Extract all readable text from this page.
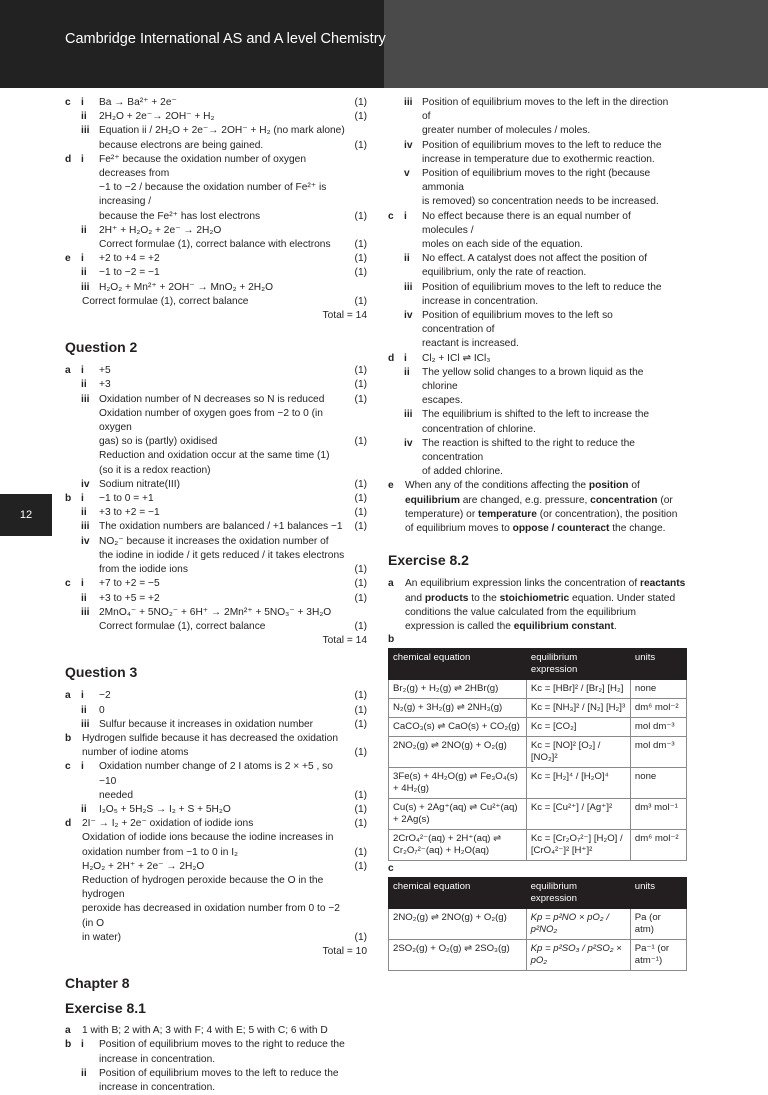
Cambridge International AS and A level Chemistry
12
c i	Ba → Ba²⁺ + 2e⁻	(1)
ii	2H₂O + 2e⁻→ 2OH⁻ + H₂	(1)
iii Equation ii / 2H₂O + 2e⁻→ 2OH⁻ + H₂ (no mark alone)
because electrons are being gained.	(1)
d i	Fe²⁺ because the oxidation number of oxygen decreases from
−1 to −2 / because the oxidation number of Fe²⁺ is increasing /
because the Fe²⁺ has lost electrons	(1)
ii	2H⁺ + H₂O₂ + 2e⁻ → 2H₂O
Correct formulae (1), correct balance with electrons	(1)
e i	+2 to +4 = +2	(1)
ii	−1 to −2 = −1	(1)
iii H₂O₂ + Mn²⁺ + 2OH⁻ → MnO₂ + 2H₂O
Correct formulae (1), correct balance	(1)
Total = 14
Question 2
a i	+5	(1)
ii	+3	(1)
iii Oxidation number of N decreases so N is reduced	(1)
Oxidation number of oxygen goes from −2 to 0 (in oxygen
gas) so is (partly) oxidised	(1)
Reduction and oxidation occur at the same time (1)
(so it is a redox reaction)
iv Sodium nitrate(III)	(1)
b i	−1 to 0 = +1	(1)
ii	+3 to +2 = −1	(1)
iii The oxidation numbers are balanced / +1 balances −1	(1)
iv NO₂⁻ because it increases the oxidation number of
the iodine in iodide / it gets reduced / it takes electrons
from the iodide ions	(1)
c i	+7 to +2 = −5	(1)
ii	+3 to +5 = +2	(1)
iii 2MnO₄⁻ + 5NO₂⁻ + 6H⁺ → 2Mn²⁺ + 5NO₃⁻ + 3H₂O
Correct formulae (1), correct balance	(1)
Total = 14
Question 3
a i	−2	(1)
ii	0	(1)
iii Sulfur because it increases in oxidation number	(1)
b	Hydrogen sulfide because it has decreased the oxidation
number of iodine atoms	(1)
c i	Oxidation number change of 2 I atoms is 2 × +5 , so −10
needed	(1)
ii	I₂O₅ + 5H₂S → I₂ + S + 5H₂O	(1)
d	2I⁻ → I₂ + 2e⁻ oxidation of iodide ions	(1)
Oxidation of iodide ions because the iodine increases in
oxidation number from −1 to 0 in I₂	(1)
H₂O₂ + 2H⁺ + 2e⁻ → 2H₂O	(1)
Reduction of hydrogen peroxide because the O in the hydrogen
peroxide has decreased in oxidation number from 0 to −2 (in O
in water)	(1)
Total = 10
Chapter 8
Exercise 8.1
a	1 with B; 2 with A; 3 with F; 4 with E; 5 with C; 6 with D
b i	Position of equilibrium moves to the right to reduce the
increase in concentration.
ii	Position of equilibrium moves to the left to reduce the
increase in concentration.
iii Position of equilibrium moves to the left in the direction of
greater number of molecules / moles.
iv Position of equilibrium moves to the left to reduce the
increase in temperature due to exothermic reaction.
v	Position of equilibrium moves to the right (because ammonia
is removed) so concentration needs to be increased.
c i	No effect because there is an equal number of molecules /
moles on each side of the equation.
ii	No effect. A catalyst does not affect the position of
equilibrium, only the rate of reaction.
iii Position of equilibrium moves to the left to reduce the
increase in concentration.
iv Position of equilibrium moves to the left so concentration of
reactant is increased.
d i	Cl₂ + ICl ⇌ ICl₃
ii	The yellow solid changes to a brown liquid as the chlorine
escapes.
iii The equilibrium is shifted to the left to increase the
concentration of chlorine.
iv The reaction is shifted to the right to reduce the concentration
of added chlorine.
e	When any of the conditions affecting the position of equilibrium are changed, e.g. pressure, concentration (or temperature) or temperature (or concentration), the position of equilibrium moves to oppose / counteract the change.
Exercise 8.2
a	An equilibrium expression links the concentration of reactants and products to the stoichiometric equation. Under stated conditions the value calculated from the equilibrium expression is called the equilibrium constant.
b
chemical equation	equilibrium expression	units
Br₂(g) + H₂(g) ⇌ 2HBr(g)	Kc = [HBr]² / [Br₂] [H₂]	none
N₂(g) + 3H₂(g) ⇌ 2NH₃(g)	Kc = [NH₃]² / [N₂] [H₂]³	dm⁶ mol⁻²
CaCO₃(s) ⇌ CaO(s) + CO₂(g)	Kc = [CO₂]	mol dm⁻³
2NO₂(g) ⇌ 2NO(g) + O₂(g)	Kc = [NO]² [O₂] / [NO₂]²	mol dm⁻³
3Fe(s) + 4H₂O(g) ⇌ Fe₃O₄(s) + 4H₂(g)	Kc = [H₂]⁴ / [H₂O]⁴	none
Cu(s) + 2Ag⁺(aq) ⇌ Cu²⁺(aq) + 2Ag(s)	Kc = [Cu²⁺] / [Ag⁺]²	dm³ mol⁻¹
2CrO₄²⁻(aq) + 2H⁺(aq) ⇌ Cr₂O₇²⁻(aq) + H₂O(aq)	Kc = [Cr₂O₇²⁻] [H₂O] / [CrO₄²⁻]² [H⁺]²	dm⁶ mol⁻²
c
chemical equation	equilibrium expression	units
2NO₂(g) ⇌ 2NO(g) + O₂(g)	Kp = p²NO × pO₂ / p²NO₂	Pa (or atm)
2SO₂(g) + O₂(g) ⇌ 2SO₃(g)	Kp = p²SO₃ / p²SO₂ × pO₂	Pa⁻¹ (or atm⁻¹)
